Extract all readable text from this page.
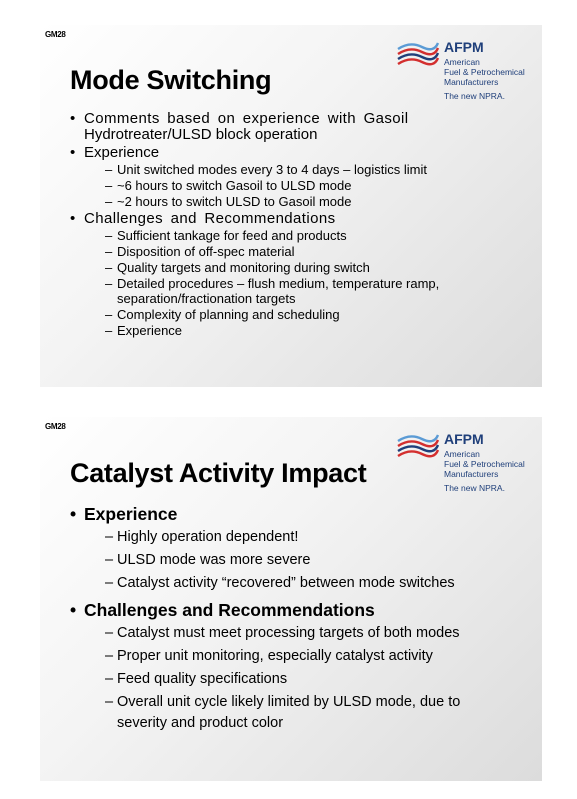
GM28
Mode Switching
AFPM
American
Fuel & Petrochemical
Manufacturers
The new NPRA.
• Comments based on experience with Gasoil
Hydrotreater/ULSD block operation
• Experience
– Unit switched modes every 3 to 4 days – logistics limit
– ~6 hours to switch Gasoil to ULSD mode
– ~2 hours to switch ULSD to Gasoil mode
• Challenges and Recommendations
– Sufficient tankage for feed and products
– Disposition of off-spec material
– Quality targets and monitoring during switch
– Detailed procedures – flush medium, temperature ramp,
separation/fractionation targets
– Complexity of planning and scheduling
– Experience
GM28
Catalyst Activity Impact
AFPM
American
Fuel & Petrochemical
Manufacturers
The new NPRA.
• Experience
– Highly operation dependent!
– ULSD mode was more severe
– Catalyst activity “recovered” between mode switches
• Challenges and Recommendations
– Catalyst must meet processing targets of both modes
– Proper unit monitoring, especially catalyst activity
– Feed quality specifications
– Overall unit cycle likely limited by ULSD mode, due to
severity and product color
